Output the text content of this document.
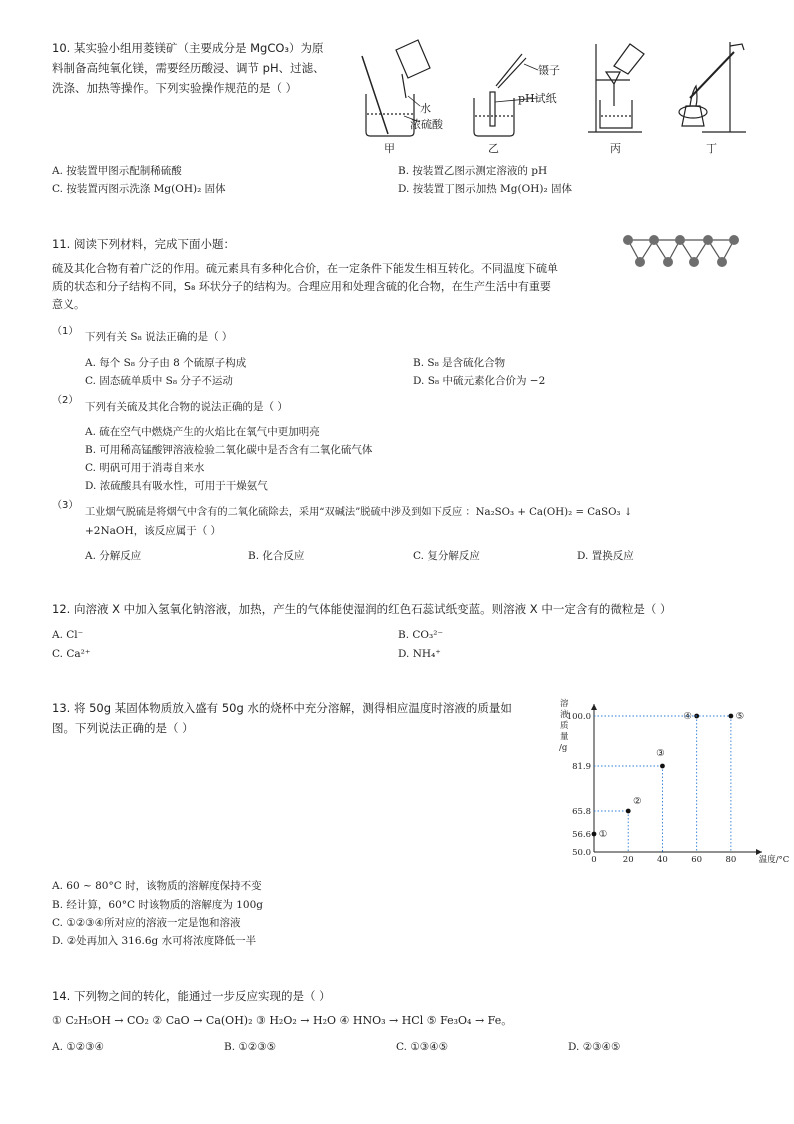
10. 某实验小组用菱镁矿（主要成分是 MgCO₃）为原
料制备高纯氧化镁，需要经历酸浸、调节 pH、过滤、
洗涤、加热等操作。下列实验操作规范的是（ ）
水
浓硫酸
镊子
pH试纸
甲	乙	丙	丁
A. 按装置甲图示配制稀硫酸	B. 按装置乙图示测定溶液的 pH
C. 按装置丙图示洗涤 Mg(OH)₂ 固体	D. 按装置丁图示加热 Mg(OH)₂ 固体
11. 阅读下列材料，完成下面小题：
硫及其化合物有着广泛的作用。硫元素具有多种化合价，在一定条件下能发生相互转化。不同温度下硫单
质的状态和分子结构不同，S₈ 环状分子的结构为。合理应用和处理含硫的化合物，在生产生活中有重要
意义。
（1） 下列有关 S₈ 说法正确的是（ ）
A. 每个 S₈ 分子由 8 个硫原子构成	B. S₈ 是含硫化合物
C. 固态硫单质中 S₈ 分子不运动	D. S₈ 中硫元素化合价为 −2
（2）
下列有关硫及其化合物的说法正确的是（ ）
A. 硫在空气中燃烧产生的火焰比在氧气中更加明亮
B. 可用稀高锰酸钾溶液检验二氧化碳中是否含有二氧化硫气体
C. 明矾可用于消毒自来水
D. 浓硫酸具有吸水性，可用于干燥氨气
（3）
工业烟气脱硫是将烟气中含有的二氧化硫除去，采用“双碱法”脱硫中涉及到如下反应 ：Na₂SO₃ + Ca(OH)₂ = CaSO₃ ↓
+2NaOH，该反应属于（ ）
A. 分解反应	B. 化合反应	C. 复分解反应	D. 置换反应
12. 向溶液 X 中加入氢氧化钠溶液，加热，产生的气体能使湿润的红色石蕊试纸变蓝。则溶液 X 中一定含有的微粒是（ ）
A. Cl⁻	B. CO₃²⁻
C. Ca²⁺	D. NH₄⁺
13. 将 50g 某固体物质放入盛有 50g 水的烧杯中充分溶解，测得相应温度时溶液的质量如
图。下列说法正确的是（ ）
溶
液
质
量
/g
0	20	40	60	80	温度/°C
50.0
56.6
65.8
81.9
100.0
①
②
③
④	⑤
A. 60 ~ 80°C 时，该物质的溶解度保持不变
B. 经计算，60°C 时该物质的溶解度为 100g
C. ①②③④所对应的溶液一定是饱和溶液
D. ②处再加入 316.6g 水可将浓度降低一半
14. 下列物之间的转化，能通过一步反应实现的是（ ）
① C₂H₅OH → CO₂ ② CaO → Ca(OH)₂ ③ H₂O₂ → H₂O ④ HNO₃ → HCl ⑤ Fe₃O₄ → Fe。
A. ①②③④	B. ①②③⑤	C. ①③④⑤	D. ②③④⑤
